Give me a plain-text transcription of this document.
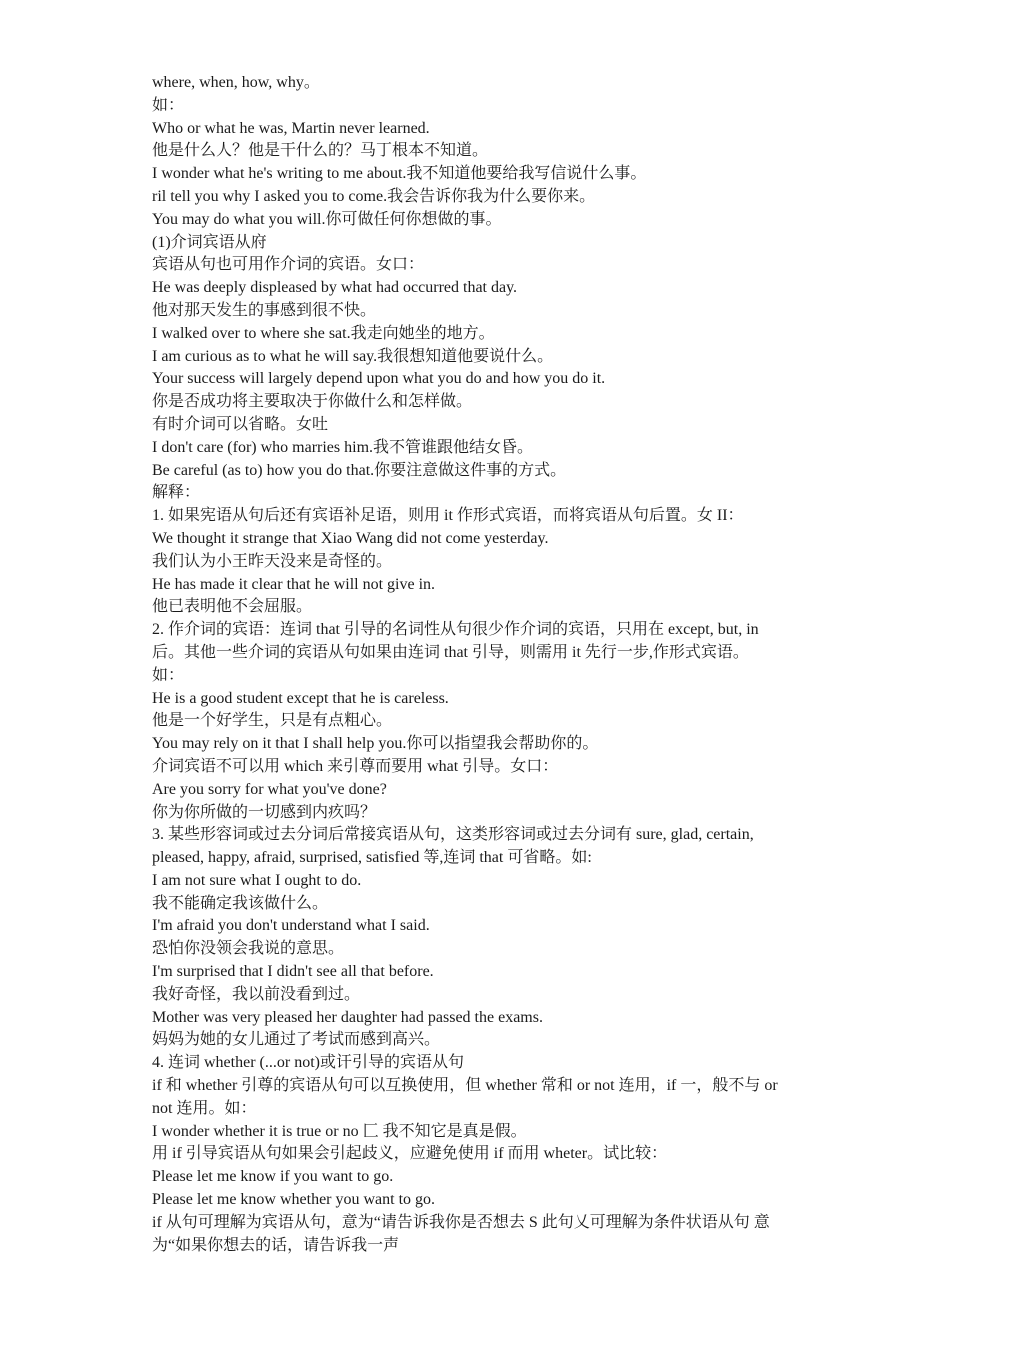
where, when, how, why。
如：
Who or what he was, Martin never learned.
他是什么人？他是干什么的？马丁根本不知道。
I wonder what he's writing to me about.我不知道他要给我写信说什么事。
ril tell you why I asked you to come.我会告诉你我为什么要你来。
You may do what you will.你可做任何你想做的事。
(1)介词宾语从府
宾语从句也可用作介词的宾语。女口：
He was deeply displeased by what had occurred that day.
他对那天发生的事感到很不快。
I walked over to where she sat.我走向她坐的地方。
I am curious as to what he will say.我很想知道他要说什么。
Your success will largely depend upon what you do and how you do it.
你是否成功将主要取决于你做什么和怎样做。
有时介词可以省略。女吐
I don't care (for) who marries him.我不管谁跟他结女昏。
Be careful (as to) how you do that.你要注意做这件事的方式。
解释：
1. 如果宪语从句后还有宾语补足语，则用 it 作形式宾语，而将宾语从句后置。女 II：
We thought it strange that Xiao Wang did not come yesterday.
我们认为小王昨天没来是奇怪的。
He has made it clear that he will not give in.
他已表明他不会屈服。
2. 作介词的宾语：连词 that 引导的名词性从句很少作介词的宾语，只用在 except, but, in
后。其他一些介词的宾语从句如果由连词 that 引导，则需用 it 先行一步,作形式宾语。
如：
He is a good student except that he is careless.
他是一个好学生，只是有点粗心。
You may rely on it that I shall help you.你可以指望我会帮助你的。
介词宾语不可以用 which 来引尊而要用 what 引导。女口：
Are you sorry for what you've done?
你为你所做的一切感到内疚吗？
3. 某些形容词或过去分词后常接宾语从句，这类形容词或过去分词有 sure, glad, certain,
pleased, happy, afraid, surprised, satisfied 等,连词 that 可省略。如:
I am not sure what I ought to do.
我不能确定我该做什么。
I'm afraid you don't understand what I said.
恐怕你没领会我说的意思。
I'm surprised that I didn't see all that before.
我好奇怪，我以前没看到过。
Mother was very pleased her daughter had passed the exams.
妈妈为她的女儿通过了考试而感到高兴。
4. 连词 whether (...or not)或讦引导的宾语从句
if 和 whether 引尊的宾语从句可以互换使用，但 whether 常和 or not 连用，if 一，般不与 or
not 连用。如：
I wonder whether it is true or no 匚 我不知它是真是假。
用 if 引导宾语从句如果会引起歧义，应避免使用 if 而用 wheter。试比较：
Please let me know if you want to go.
Please let me know whether you want to go.
if 从句可理解为宾语从句，意为“请告诉我你是否想去 S 此句乂可理解为条件状语从句 意
为“如果你想去的话，请告诉我一声
